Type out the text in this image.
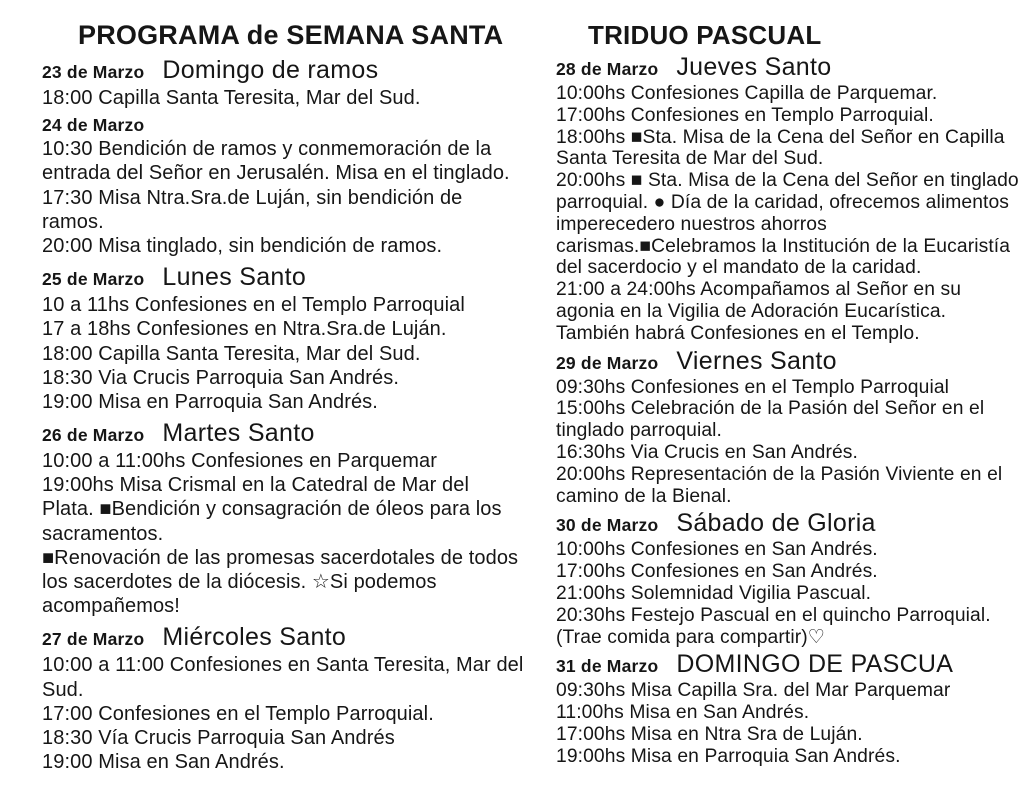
PROGRAMA de SEMANA SANTA
23 de Marzo Domingo de ramos

18:00 Capilla Santa Teresita, Mar del Sud.

24 de Marzo

10:30 Bendición de ramos y conmemoración de la entrada del Señor en Jerusalén. Misa en el tinglado.

17:30 Misa Ntra.Sra.de Luján, sin bendición de ramos.

20:00 Misa tinglado, sin bendición de ramos.

25 de Marzo Lunes Santo

10 a 11hs Confesiones en el Templo Parroquial

17 a 18hs Confesiones en Ntra.Sra.de Luján.

18:00 Capilla Santa Teresita, Mar del Sud.

18:30 Via Crucis Parroquia San Andrés.

19:00 Misa en Parroquia San Andrés.

26 de Marzo Martes Santo

10:00 a 11:00hs Confesiones en Parquemar

19:00hs Misa Crismal en la Catedral de Mar del Plata. ■Bendición y consagración de óleos para los sacramentos.

■Renovación de las promesas sacerdotales de todos los sacerdotes de la diócesis. ☆Si podemos acompañemos!

27 de Marzo Miércoles Santo

10:00 a 11:00 Confesiones en Santa Teresita, Mar del Sud.

17:00 Confesiones en el Templo Parroquial.

18:30 Vía Crucis Parroquia San Andrés

19:00 Misa en San Andrés.

TRIDUO PASCUAL
28 de Marzo Jueves Santo

10:00hs Confesiones Capilla de Parquemar.

17:00hs Confesiones en Templo Parroquial.

18:00hs ■Sta. Misa de la Cena del Señor en Capilla Santa Teresita de Mar del Sud.

20:00hs ■ Sta. Misa de la Cena del Señor en tinglado parroquial. ● Día de la caridad, ofrecemos alimentos imperecedero nuestros ahorros carismas.■Celebramos la Institución de la Eucaristía del sacerdocio y el mandato de la caridad.

21:00 a 24:00hs Acompañamos al Señor en su agonia en la Vigilia de Adoración Eucarística. También habrá Confesiones en el Templo.

29 de Marzo Viernes Santo

09:30hs Confesiones en el Templo Parroquial

15:00hs Celebración de la Pasión del Señor en el tinglado parroquial.

16:30hs Via Crucis en San Andrés.

20:00hs Representación de la Pasión Viviente en el camino de la Bienal.

30 de Marzo Sábado de Gloria

10:00hs Confesiones en San Andrés.

17:00hs Confesiones en San Andrés.

21:00hs Solemnidad Vigilia Pascual.

20:30hs Festejo Pascual en el quincho Parroquial. (Trae comida para compartir)♡

31 de Marzo DOMINGO DE PASCUA

09:30hs Misa Capilla Sra. del Mar Parquemar

11:00hs Misa en San Andrés.

17:00hs Misa en Ntra Sra de Luján.

19:00hs Misa en Parroquia San Andrés.
